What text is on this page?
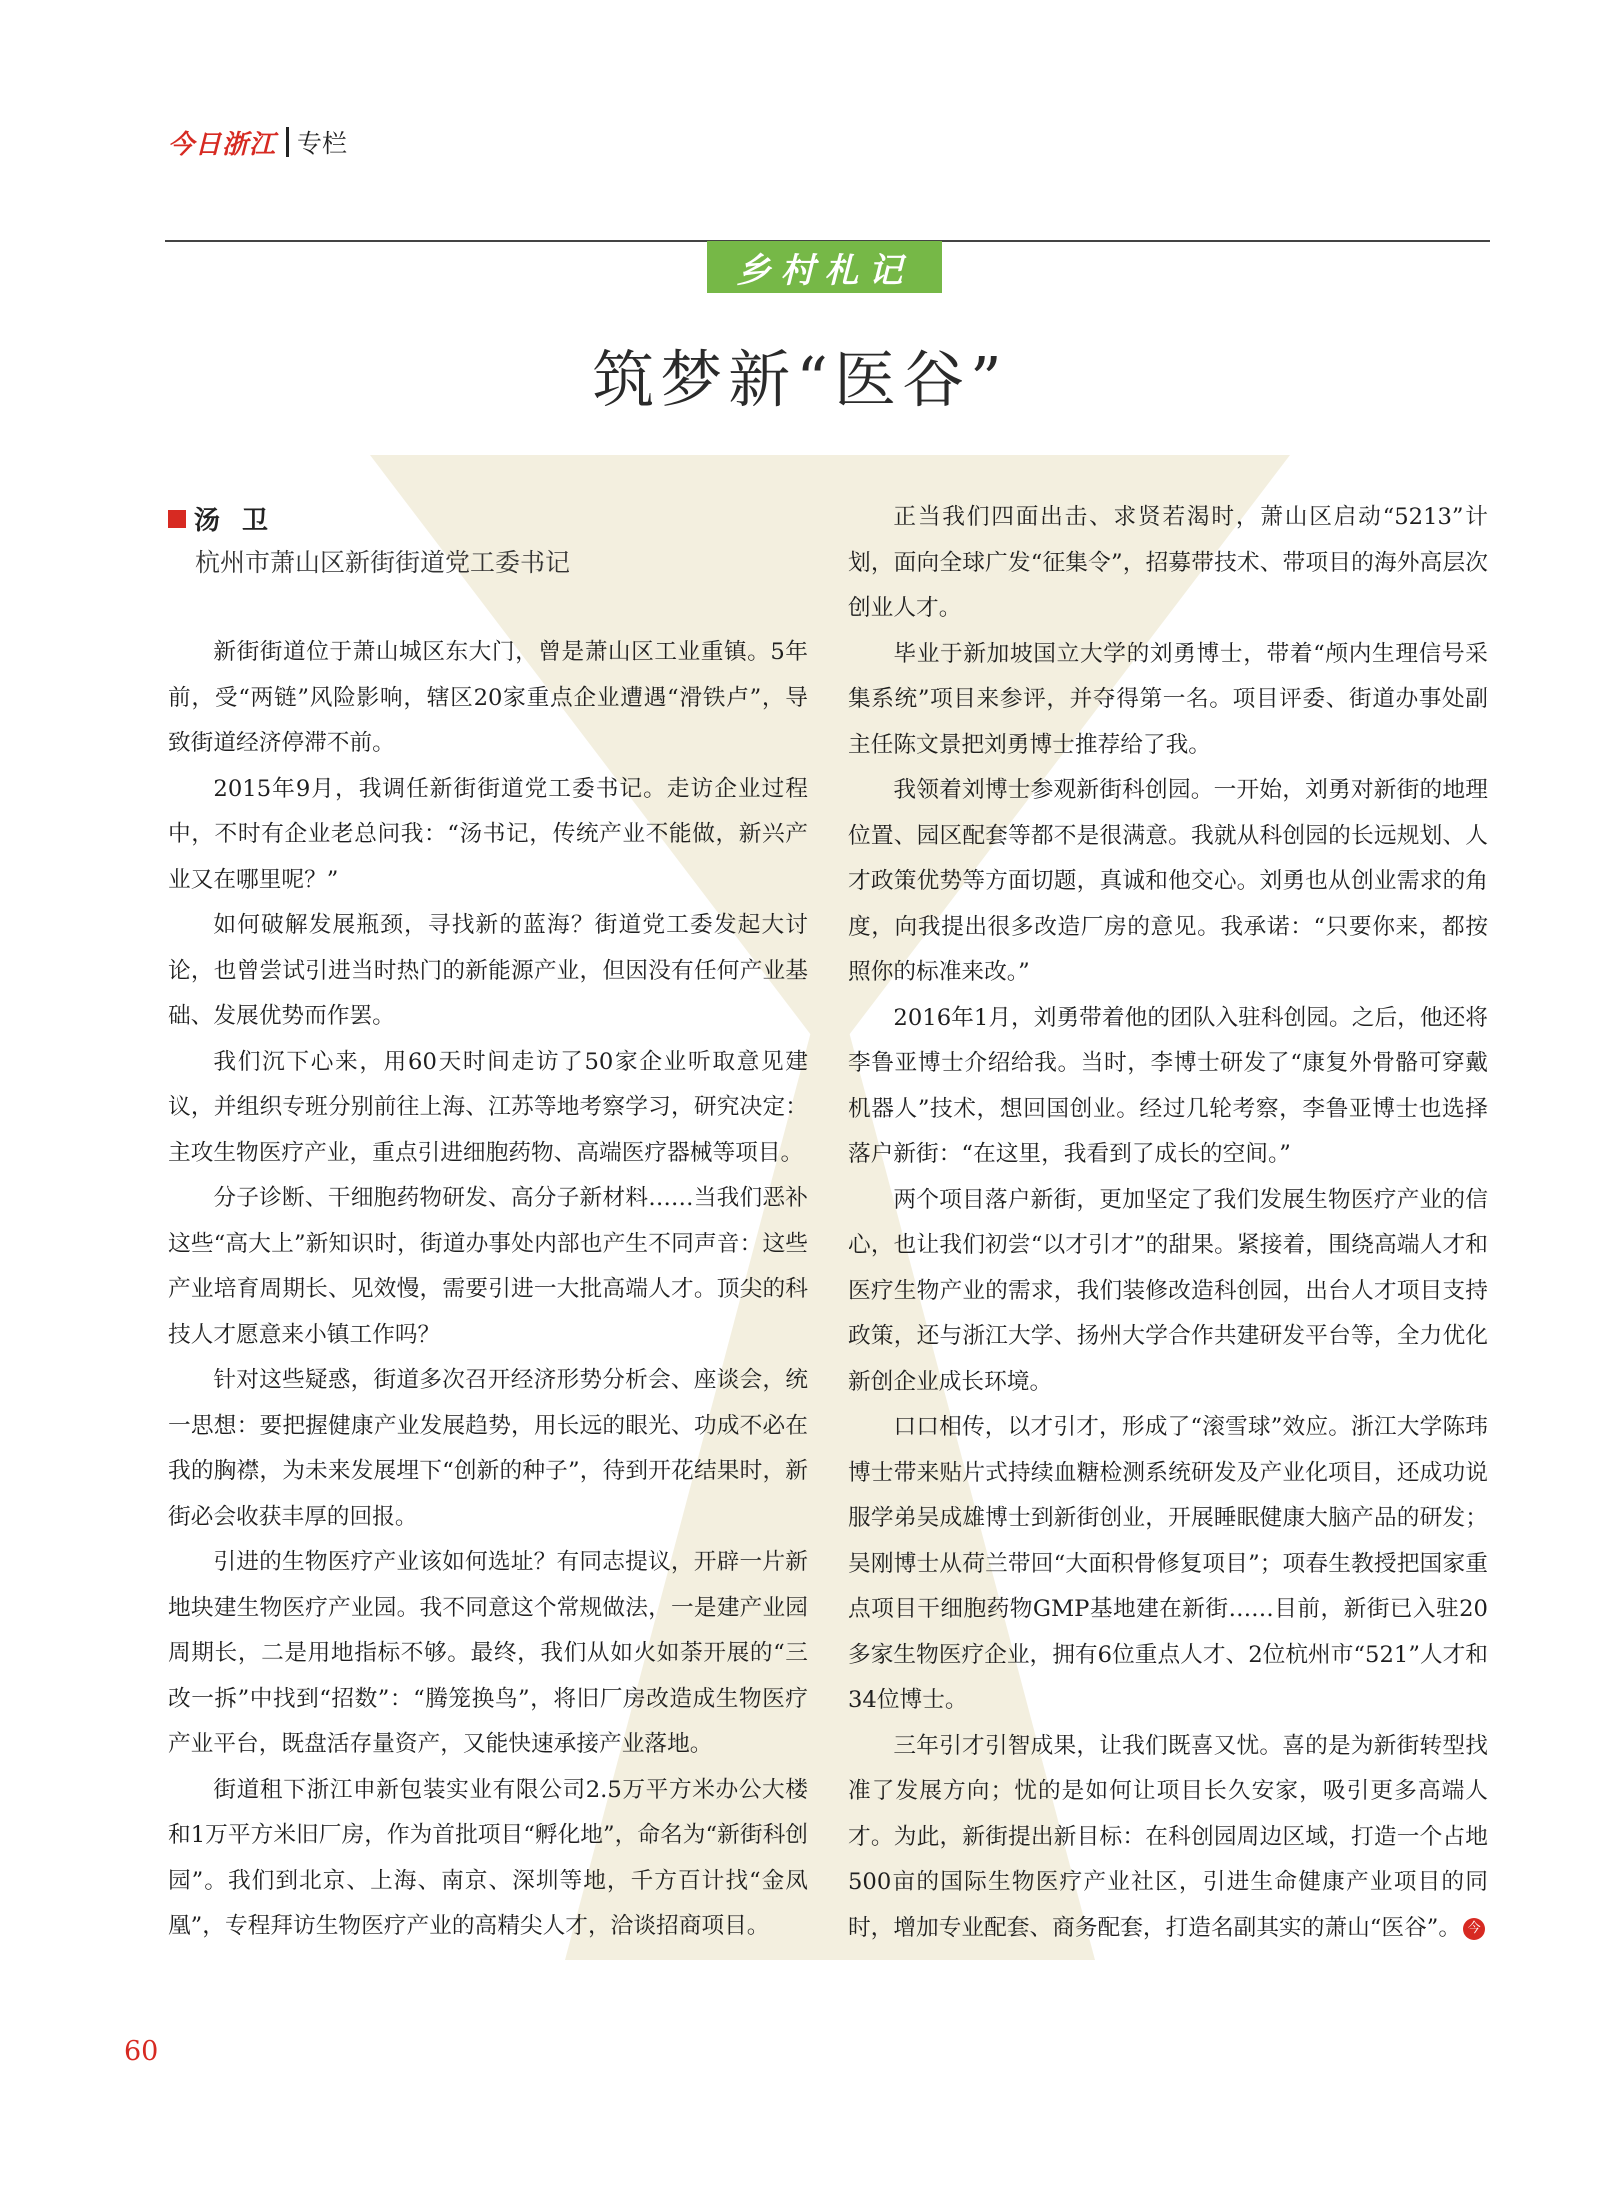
今日浙江 专栏
乡村札记
筑梦新“医谷”
汤卫
杭州市萧山区新街街道党工委书记

新街街道位于萧山城区东大门，曾是萧山区工业重镇。5年前，受“两链”风险影响，辖区20家重点企业遭遇“滑铁卢”，导致街道经济停滞不前。

2015年9月，我调任新街街道党工委书记。走访企业过程中，不时有企业老总问我：“汤书记，传统产业不能做，新兴产业又在哪里呢？”

如何破解发展瓶颈，寻找新的蓝海？街道党工委发起大讨论，也曾尝试引进当时热门的新能源产业，但因没有任何产业基础、发展优势而作罢。

我们沉下心来，用60天时间走访了50家企业听取意见建议，并组织专班分别前往上海、江苏等地考察学习，研究决定：主攻生物医疗产业，重点引进细胞药物、高端医疗器械等项目。

分子诊断、干细胞药物研发、高分子新材料……当我们恶补这些“高大上”新知识时，街道办事处内部也产生不同声音：这些产业培育周期长、见效慢，需要引进一大批高端人才。顶尖的科技人才愿意来小镇工作吗？

针对这些疑惑，街道多次召开经济形势分析会、座谈会，统一思想：要把握健康产业发展趋势，用长远的眼光、功成不必在我的胸襟，为未来发展埋下“创新的种子”，待到开花结果时，新街必会收获丰厚的回报。

引进的生物医疗产业该如何选址？有同志提议，开辟一片新地块建生物医疗产业园。我不同意这个常规做法，一是建产业园周期长，二是用地指标不够。最终，我们从如火如荼开展的“三改一拆”中找到“招数”：“腾笼换鸟”，将旧厂房改造成生物医疗产业平台，既盘活存量资产，又能快速承接产业落地。

街道租下浙江申新包装实业有限公司2.5万平方米办公大楼和1万平方米旧厂房，作为首批项目“孵化地”，命名为“新街科创园”。我们到北京、上海、南京、深圳等地，千方百计找“金凤凰”，专程拜访生物医疗产业的高精尖人才，洽谈招商项目。

正当我们四面出击、求贤若渴时，萧山区启动“5213”计划，面向全球广发“征集令”，招募带技术、带项目的海外高层次创业人才。

毕业于新加坡国立大学的刘勇博士，带着“颅内生理信号采集系统”项目来参评，并夺得第一名。项目评委、街道办事处副主任陈文景把刘勇博士推荐给了我。

我领着刘博士参观新街科创园。一开始，刘勇对新街的地理位置、园区配套等都不是很满意。我就从科创园的长远规划、人才政策优势等方面切题，真诚和他交心。刘勇也从创业需求的角度，向我提出很多改造厂房的意见。我承诺：“只要你来，都按照你的标准来改。”

2016年1月，刘勇带着他的团队入驻科创园。之后，他还将李鲁亚博士介绍给我。当时，李博士研发了“康复外骨骼可穿戴机器人”技术，想回国创业。经过几轮考察，李鲁亚博士也选择落户新街：“在这里，我看到了成长的空间。”

两个项目落户新街，更加坚定了我们发展生物医疗产业的信心，也让我们初尝“以才引才”的甜果。紧接着，围绕高端人才和医疗生物产业的需求，我们装修改造科创园，出台人才项目支持政策，还与浙江大学、扬州大学合作共建研发平台等，全力优化新创企业成长环境。

口口相传，以才引才，形成了“滚雪球”效应。浙江大学陈玮博士带来贴片式持续血糖检测系统研发及产业化项目，还成功说服学弟吴成雄博士到新街创业，开展睡眠健康大脑产品的研发；吴刚博士从荷兰带回“大面积骨修复项目”；项春生教授把国家重点项目干细胞药物GMP基地建在新街……目前，新街已入驻20多家生物医疗企业，拥有6位重点人才、2位杭州市“521”人才和34位博士。

三年引才引智成果，让我们既喜又忧。喜的是为新街转型找准了发展方向；忧的是如何让项目长久安家，吸引更多高端人才。为此，新街提出新目标：在科创园周边区域，打造一个占地500亩的国际生物医疗产业社区，引进生命健康产业项目的同时，增加专业配套、商务配套，打造名副其实的萧山“医谷”。 今

60
